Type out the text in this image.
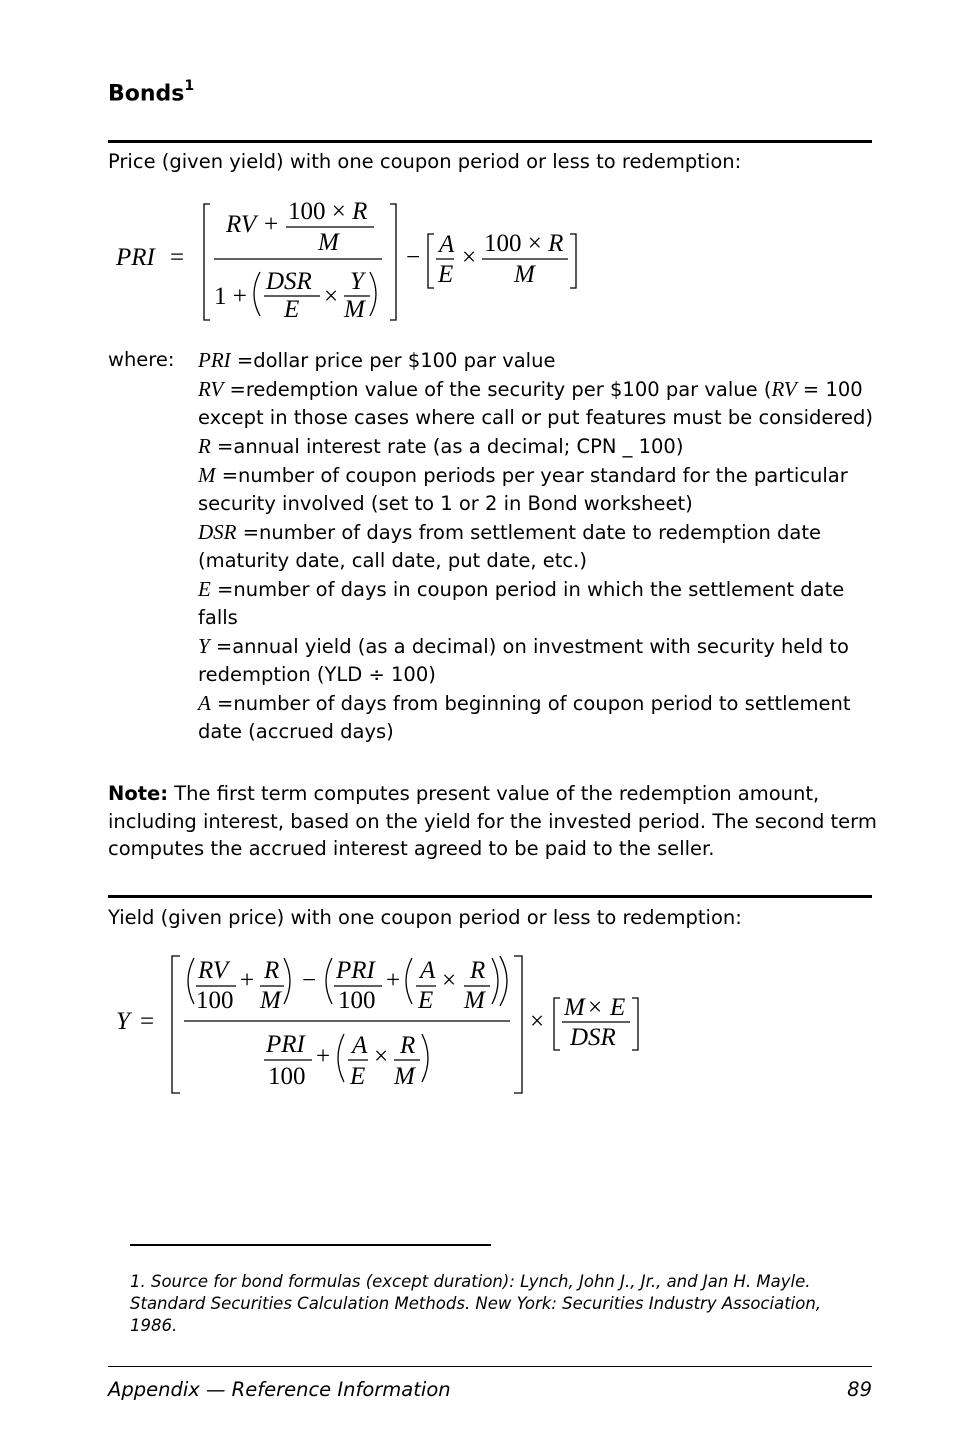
Bonds$^1$
Price (given yield) with one coupon period or less to redemption:
PRI =
RV + 100 × R
M
1 +
DSR
E ×
Y
M
− A
E
×
100 × R
M
where: PRI =dollar price per $100 par value

RV =redemption value of the security per $100 par value (RV = 100 except in those cases where call or put features must be considered)

R =annual interest rate (as a decimal; CPN _ 100)

M =number of coupon periods per year standard for the particular security involved (set to 1 or 2 in Bond worksheet)

DSR =number of days from settlement date to redemption date (maturity date, call date, put date, etc.)

E =number of days in coupon period in which the settlement date falls

Y =annual yield (as a decimal) on investment with security held to redemption (YLD ÷ 100)

A =number of days from beginning of coupon period to settlement date (accrued days)

Note: The first term computes present value of the redemption amount, including interest, based on the yield for the invested period. The second term computes the accrued interest agreed to be paid to the seller.
Yield (given price) with one coupon period or less to redemption:
Y =
RV
100
+ R
M
− PRI
100
+ A
E
× R
M
PRI
100
+ A
E
× R
M
×
M × E
DSR
1. Source for bond formulas (except duration): Lynch, John J., Jr., and Jan H. Mayle. Standard Securities Calculation Methods. New York: Securities Industry Association, 1986.
Appendix — Reference Information	89
